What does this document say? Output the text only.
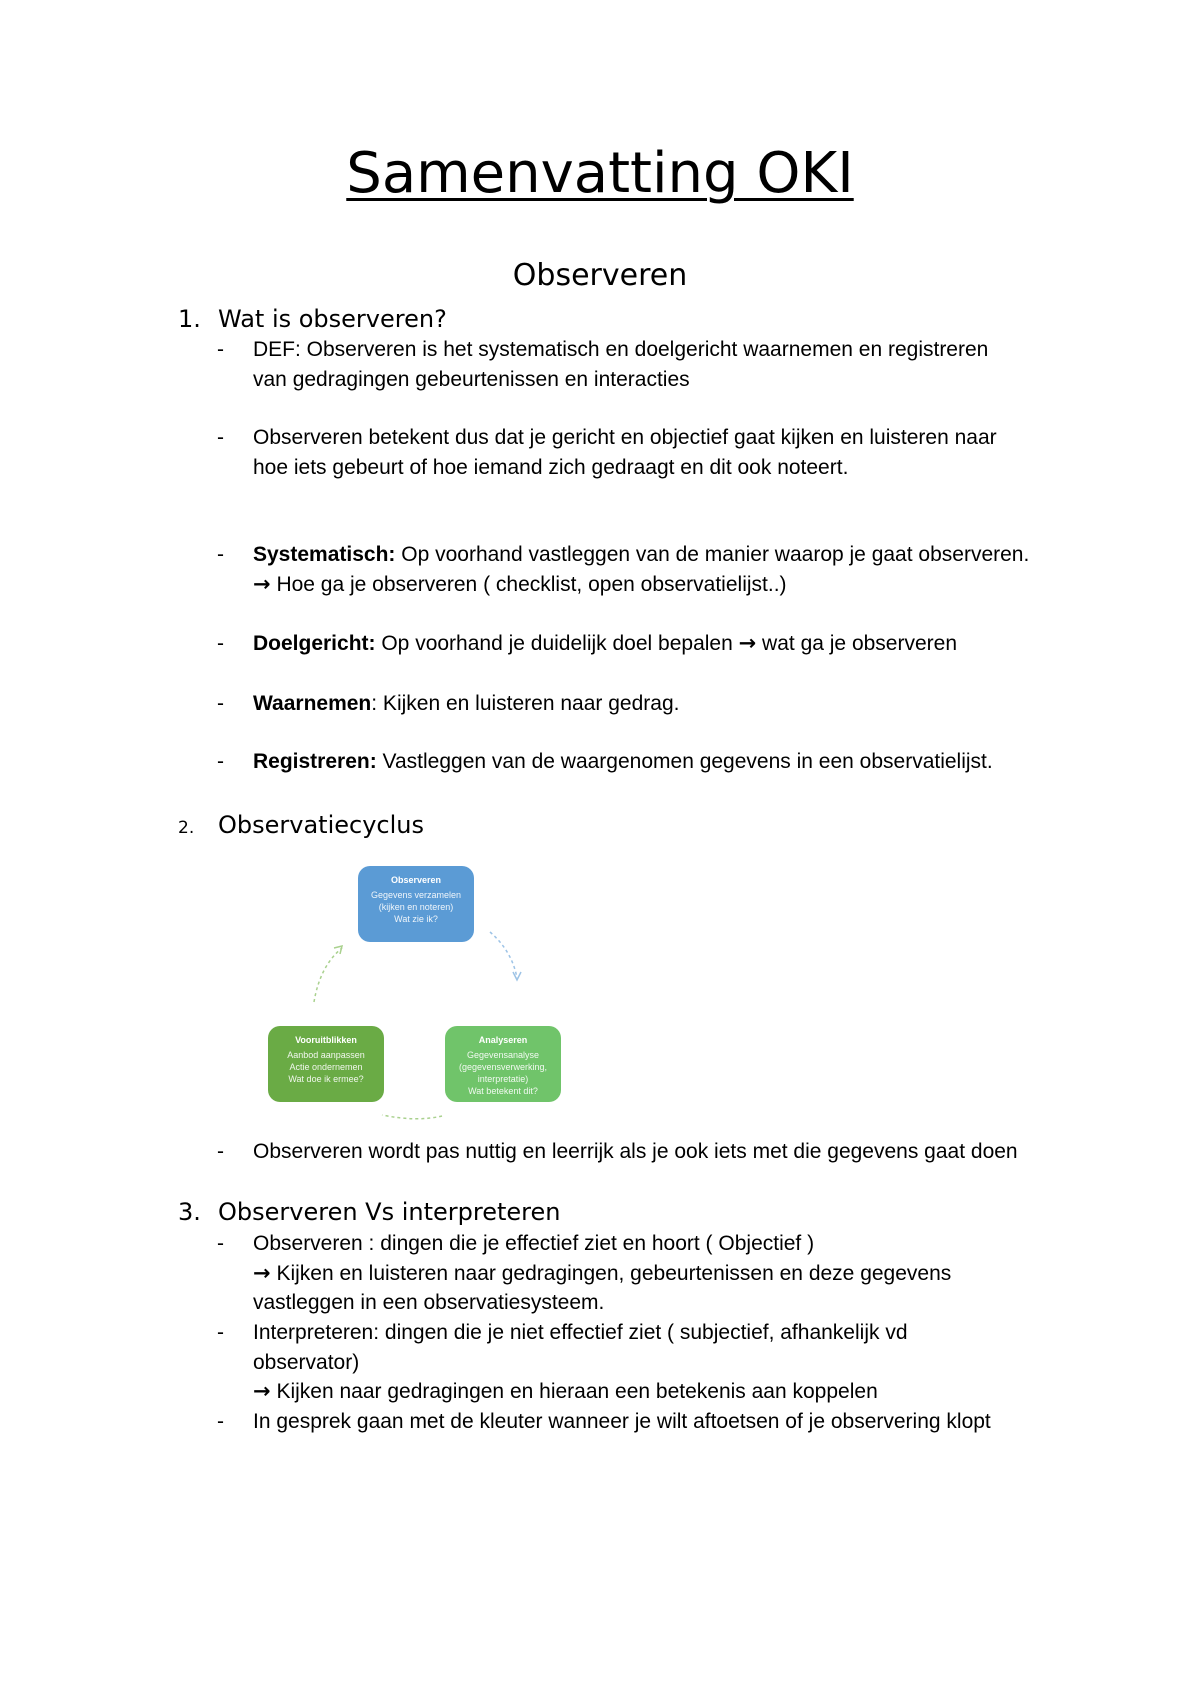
Samenvatting OKI
Observeren
1. Wat is observeren?
- DEF: Observeren is het systematisch en doelgericht waarnemen en registreren
van gedragingen gebeurtenissen en interacties
- Observeren betekent dus dat je gericht en objectief gaat kijken en luisteren naar
hoe iets gebeurt of hoe iemand zich gedraagt en dit ook noteert.
- Systematisch: Op voorhand vastleggen van de manier waarop je gaat observeren.
→ Hoe ga je observeren ( checklist, open observatielijst..)
- Doelgericht: Op voorhand je duidelijk doel bepalen → wat ga je observeren
- Waarnemen: Kijken en luisteren naar gedrag.
- Registreren: Vastleggen van de waargenomen gegevens in een observatielijst.
2. Observatiecyclus
Observeren
Gegevens verzamelen
(kijken en noteren)
Wat zie ik?
Analyseren
Gegevensanalyse
(gegevensverwerking,
interpretatie)
Wat betekent dit?
Vooruitblikken
Aanbod aanpassen
Actie ondernemen
Wat doe ik ermee?
- Observeren wordt pas nuttig en leerrijk als je ook iets met die gegevens gaat doen
3. Observeren Vs interpreteren
- Observeren : dingen die je effectief ziet en hoort ( Objectief )
→ Kijken en luisteren naar gedragingen, gebeurtenissen en deze gegevens
vastleggen in een observatiesysteem.
- Interpreteren: dingen die je niet effectief ziet ( subjectief, afhankelijk vd
observator)
→ Kijken naar gedragingen en hieraan een betekenis aan koppelen
- In gesprek gaan met de kleuter wanneer je wilt aftoetsen of je observering klopt
